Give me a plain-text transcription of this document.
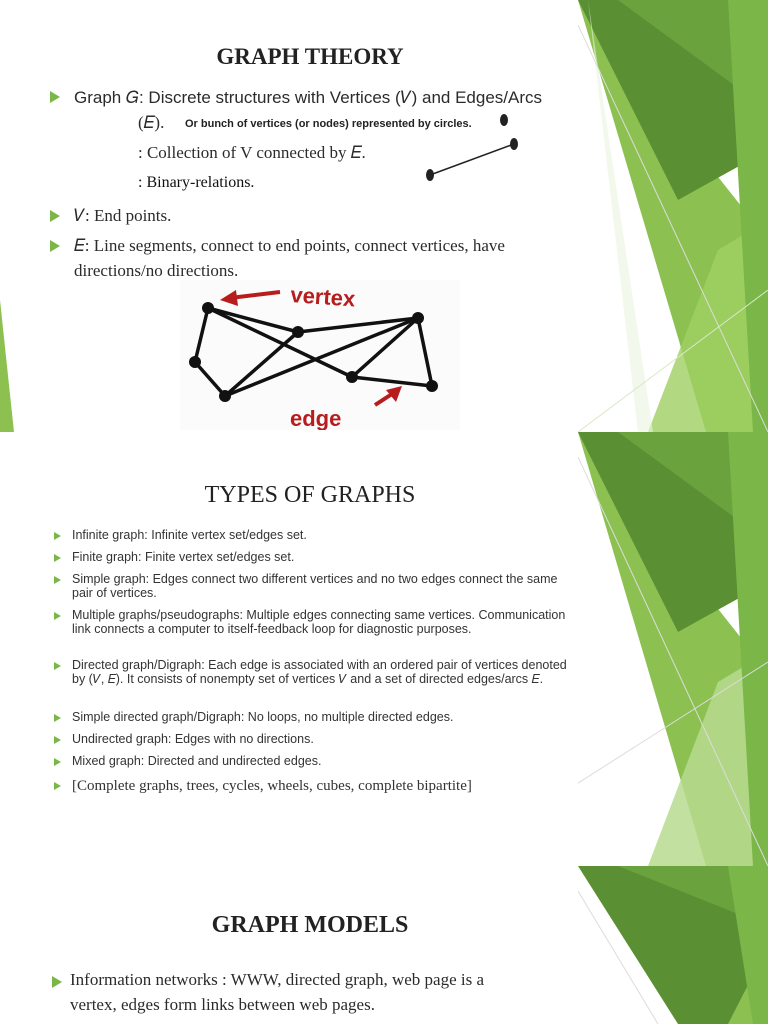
GRAPH THEORY
Graph 𝐺: Discrete structures with Vertices (𝑉) and Edges/Arcs
(𝐸). Or bunch of vertices (or nodes) represented by circles.
: Collection of V connected by 𝐸.
: Binary-relations.
𝑉: End points.
𝐸: Line segments, connect to end points, connect vertices, have
directions/no directions.
vertex
edge
TYPES OF GRAPHS
Infinite graph: Infinite vertex set/edges set.
Finite graph: Finite vertex set/edges set.
Simple graph: Edges connect two different vertices and no two edges connect the same pair of vertices.
Multiple graphs/pseudographs: Multiple edges connecting same vertices. Communication link connects a computer to itself-feedback loop for diagnostic purposes.
Directed graph/Digraph: Each edge is associated with an ordered pair of vertices denoted by (𝑉, 𝐸). It consists of nonempty set of vertices 𝑉 and a set of directed edges/arcs 𝐸.
Simple directed graph/Digraph: No loops, no multiple directed edges.
Undirected graph: Edges with no directions.
Mixed graph: Directed and undirected edges.
[Complete graphs, trees, cycles, wheels, cubes, complete bipartite]
GRAPH MODELS
Information networks : WWW, directed graph, web page is a
vertex, edges form links between web pages.
